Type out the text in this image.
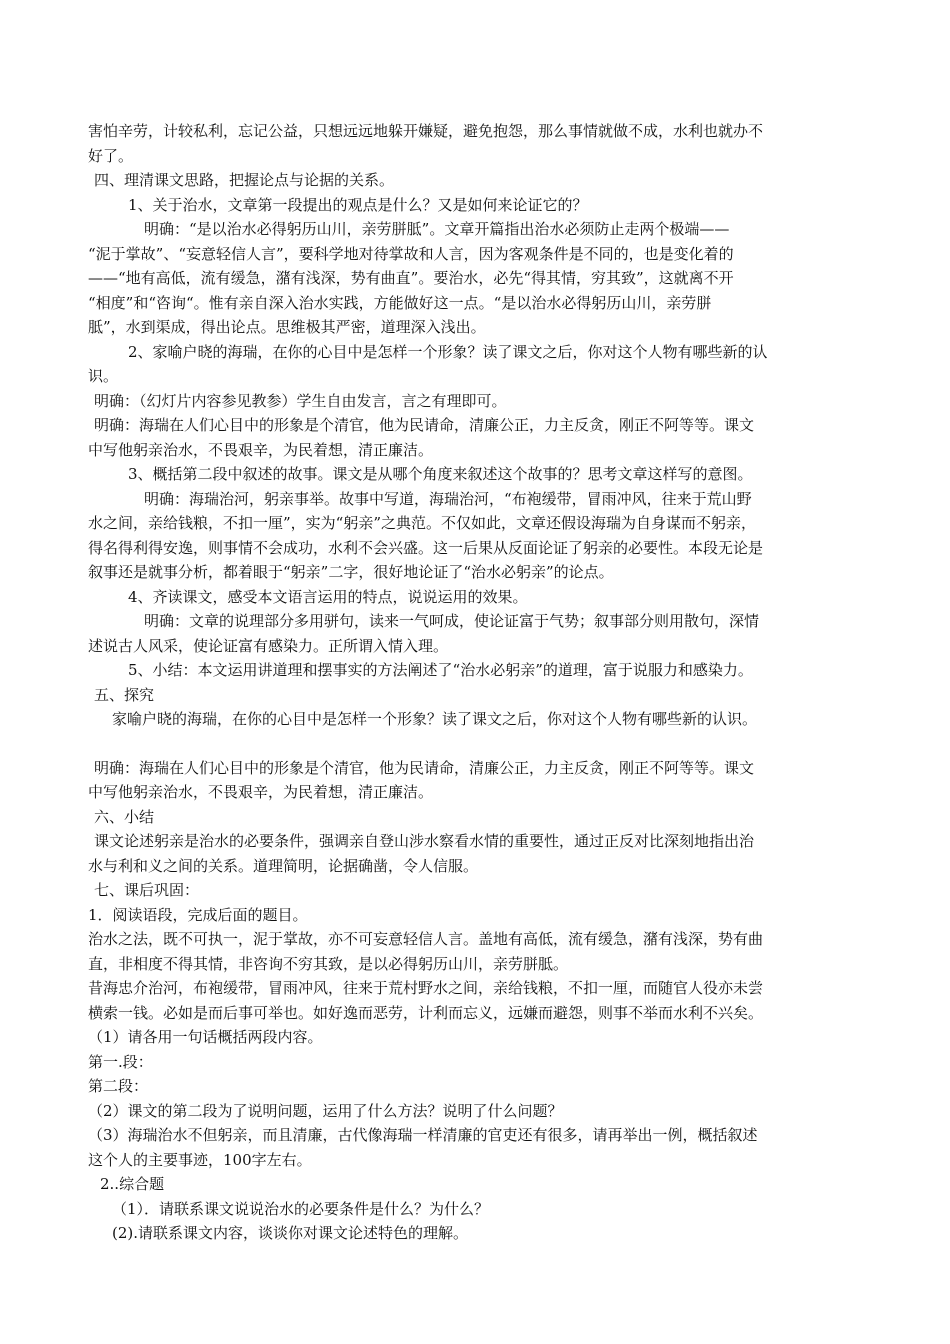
害怕辛劳，计较私利，忘记公益，只想远远地躲开嫌疑，避免抱怨，那么事情就做不成，水利也就办不
好了。
四、理清课文思路，把握论点与论据的关系。
1、关于治水，文章第一段提出的观点是什么？又是如何来论证它的？
明确：“是以治水必得躬历山川，亲劳胼胝”。文章开篇指出治水必须防止走两个极端——
“泥于掌故”、“妄意轻信人言”，要科学地对待掌故和人言，因为客观条件是不同的，也是变化着的
——“地有高低，流有缓急，潴有浅深，势有曲直”。要治水，必先“得其情，穷其致”，这就离不开
“相度”和“咨询“。惟有亲自深入治水实践，方能做好这一点。“是以治水必得躬历山川，亲劳胼
胝”，水到渠成，得出论点。思维极其严密，道理深入浅出。
2、家喻户晓的海瑞，在你的心目中是怎样一个形象？读了课文之后，你对这个人物有哪些新的认
识。
明确：（幻灯片内容参见教参）学生自由发言，言之有理即可。
明确：海瑞在人们心目中的形象是个清官，他为民请命，清廉公正，力主反贪，刚正不阿等等。课文
中写他躬亲治水，不畏艰辛，为民着想，清正廉洁。
3、概括第二段中叙述的故事。课文是从哪个角度来叙述这个故事的？思考文章这样写的意图。
明确：海瑞治河，躬亲事举。故事中写道，海瑞治河，“布袍缓带，冒雨冲风，往来于荒山野
水之间，亲给钱粮，不扣一厘”，实为“躬亲”之典范。不仅如此，文章还假设海瑞为自身谋而不躬亲，
得名得利得安逸，则事情不会成功，水利不会兴盛。这一后果从反面论证了躬亲的必要性。本段无论是
叙事还是就事分析，都着眼于“躬亲”二字，很好地论证了“治水必躬亲”的论点。
4、齐读课文，感受本文语言运用的特点，说说运用的效果。
明确：文章的说理部分多用骈句，读来一气呵成，使论证富于气势；叙事部分则用散句，深情
述说古人风采，使论证富有感染力。正所谓入情入理。
5、小结：本文运用讲道理和摆事实的方法阐述了“治水必躬亲”的道理，富于说服力和感染力。
五、探究
家喻户晓的海瑞，在你的心目中是怎样一个形象？读了课文之后，你对这个人物有哪些新的认识。
明确：海瑞在人们心目中的形象是个清官，他为民请命，清廉公正，力主反贪，刚正不阿等等。课文
中写他躬亲治水，不畏艰辛，为民着想，清正廉洁。
六、小结
课文论述躬亲是治水的必要条件，强调亲自登山涉水察看水情的重要性，通过正反对比深刻地指出治
水与利和义之间的关系。道理简明，论据确凿，令人信服。
七、课后巩固：
1．阅读语段，完成后面的题目。
治水之法，既不可执一，泥于掌故，亦不可妄意轻信人言。盖地有高低，流有缓急，潴有浅深，势有曲
直，非相度不得其情，非咨询不穷其致，是以必得躬历山川，亲劳胼胝。
昔海忠介治河，布袍缓带，冒雨冲风，往来于荒村野水之间，亲给钱粮，不扣一厘，而随官人役亦未尝
横索一钱。必如是而后事可举也。如好逸而恶劳，计利而忘义，远嫌而避怨，则事不举而水利不兴矣。
（1）请各用一句话概括两段内容。
第一.段：
第二段：
（2）课文的第二段为了说明问题，运用了什么方法？说明了什么问题？
（3）海瑞治水不但躬亲，而且清廉，古代像海瑞一样清廉的官吏还有很多，请再举出一例，概括叙述
这个人的主要事迹，100字左右。
2..综合题
（1）．请联系课文说说治水的必要条件是什么？为什么？
(2).请联系课文内容，谈谈你对课文论述特色的理解。
